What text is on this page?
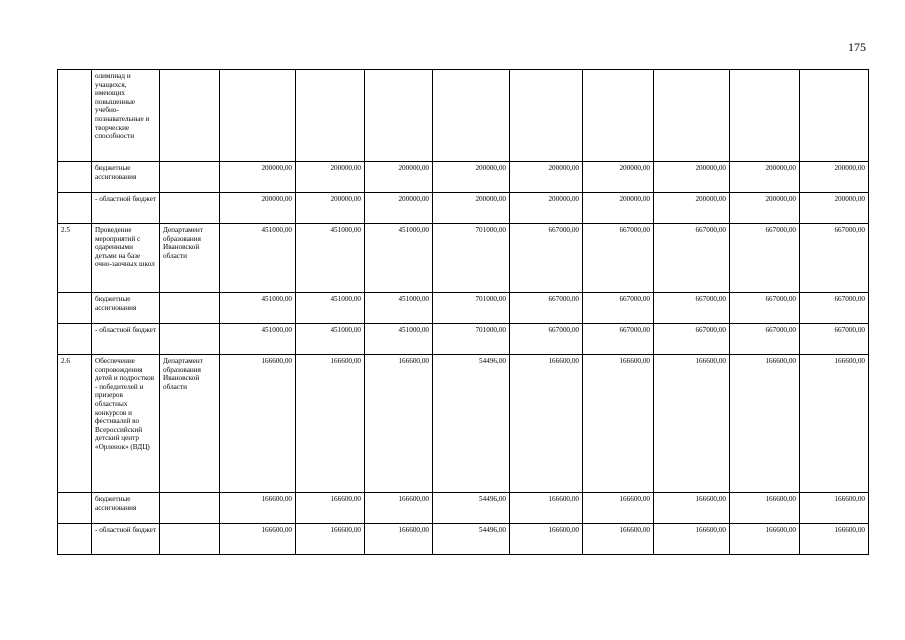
175
	олимпиад и учащихся, имеющих повышенные учебно-познавательные и творческие способности										
	бюджетные ассигнования		200000,00	200000,00	200000,00	200000,00	200000,00	200000,00	200000,00	200000,00	200000,00
	- областной бюджет		200000,00	200000,00	200000,00	200000,00	200000,00	200000,00	200000,00	200000,00	200000,00
2.5	Проведение мероприятий с одаренными детьми на базе очно-заочных школ	Департамент образования Ивановской области	451000,00	451000,00	451000,00	701000,00	667000,00	667000,00	667000,00	667000,00	667000,00
	бюджетные ассигнования		451000,00	451000,00	451000,00	701000,00	667000,00	667000,00	667000,00	667000,00	667000,00
	- областной бюджет		451000,00	451000,00	451000,00	701000,00	667000,00	667000,00	667000,00	667000,00	667000,00
2.6	Обеспечение сопровождения детей и подростков - победителей и призеров областных конкурсов и фестивалей во Всероссийский детский центр «Орленок» (ВДЦ)	Департамент образования Ивановской области	166600,00	166600,00	166600,00	54496,00	166600,00	166600,00	166600,00	166600,00	166600,00
	бюджетные ассигнования		166600,00	166600,00	166600,00	54496,00	166600,00	166600,00	166600,00	166600,00	166600,00
	- областной бюджет		166600,00	166600,00	166600,00	54496,00	166600,00	166600,00	166600,00	166600,00	166600,00
